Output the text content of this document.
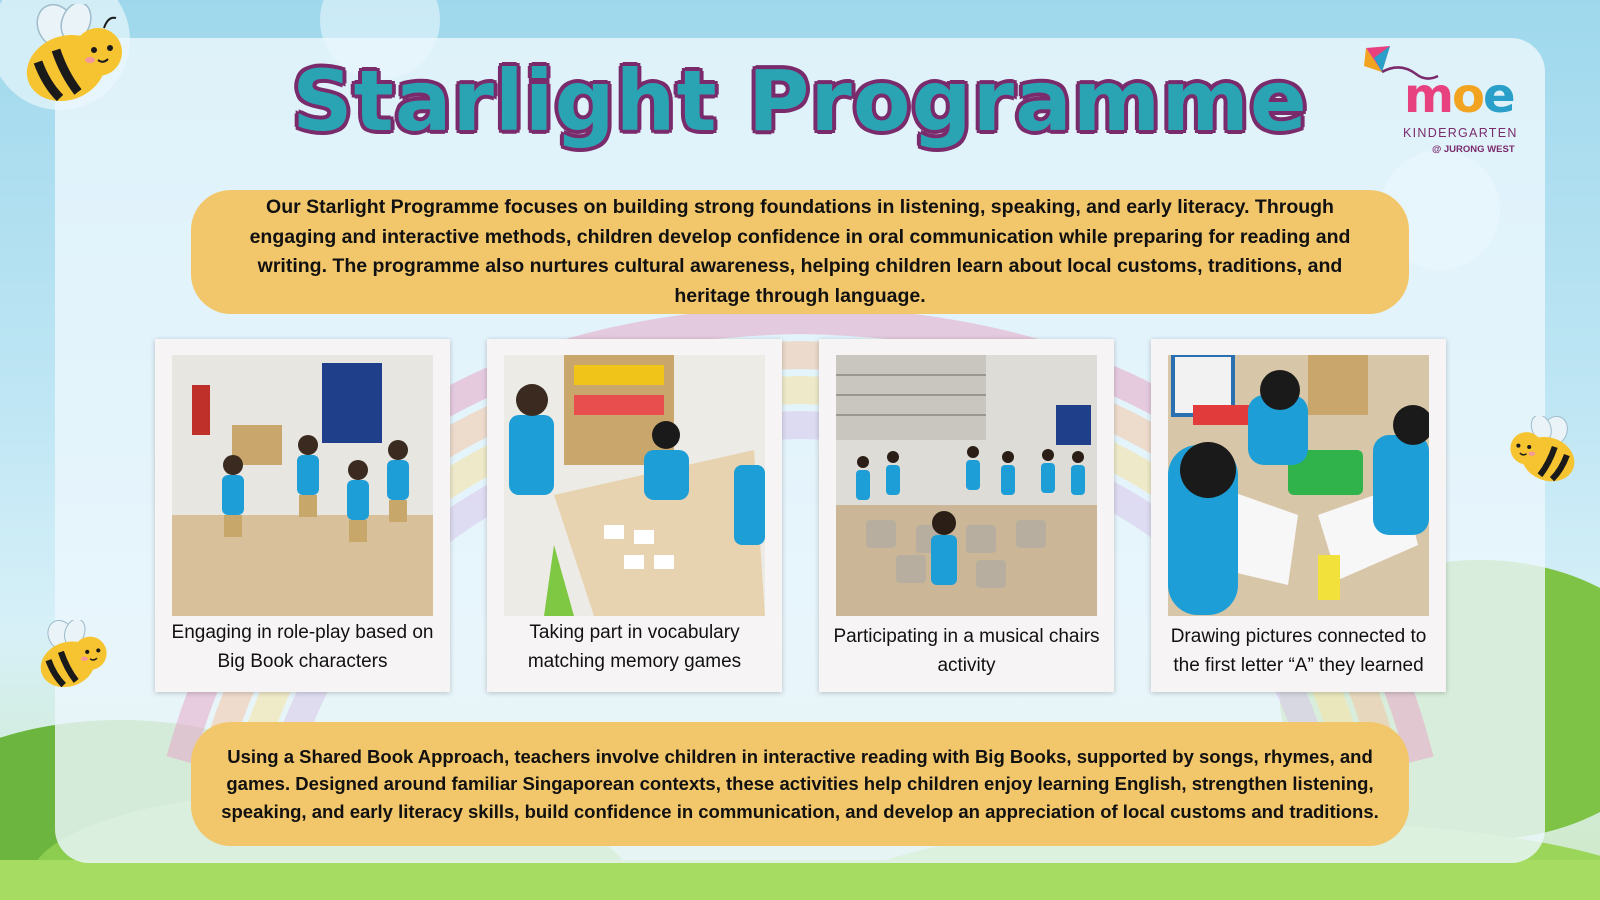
Starlight Programme	moe
KINDERGARTEN
@ JURONG WEST
Our Starlight Programme focuses on building strong foundations in listening, speaking, and early literacy. Through engaging and interactive methods, children develop confidence in oral communication while preparing for reading and writing. The programme also nurtures cultural awareness, helping children learn about local customs, traditions, and heritage through language.
Engaging in role-play based on Big Book characters
Taking part in vocabulary matching memory games
Participating in a musical chairs activity
Drawing pictures connected to the first letter “A” they learned
Using a Shared Book Approach, teachers involve children in interactive reading with Big Books, supported by songs, rhymes, and games. Designed around familiar Singaporean contexts, these activities help children enjoy learning English, strengthen listening, speaking, and early literacy skills, build confidence in communication, and develop an appreciation of local customs and traditions.
